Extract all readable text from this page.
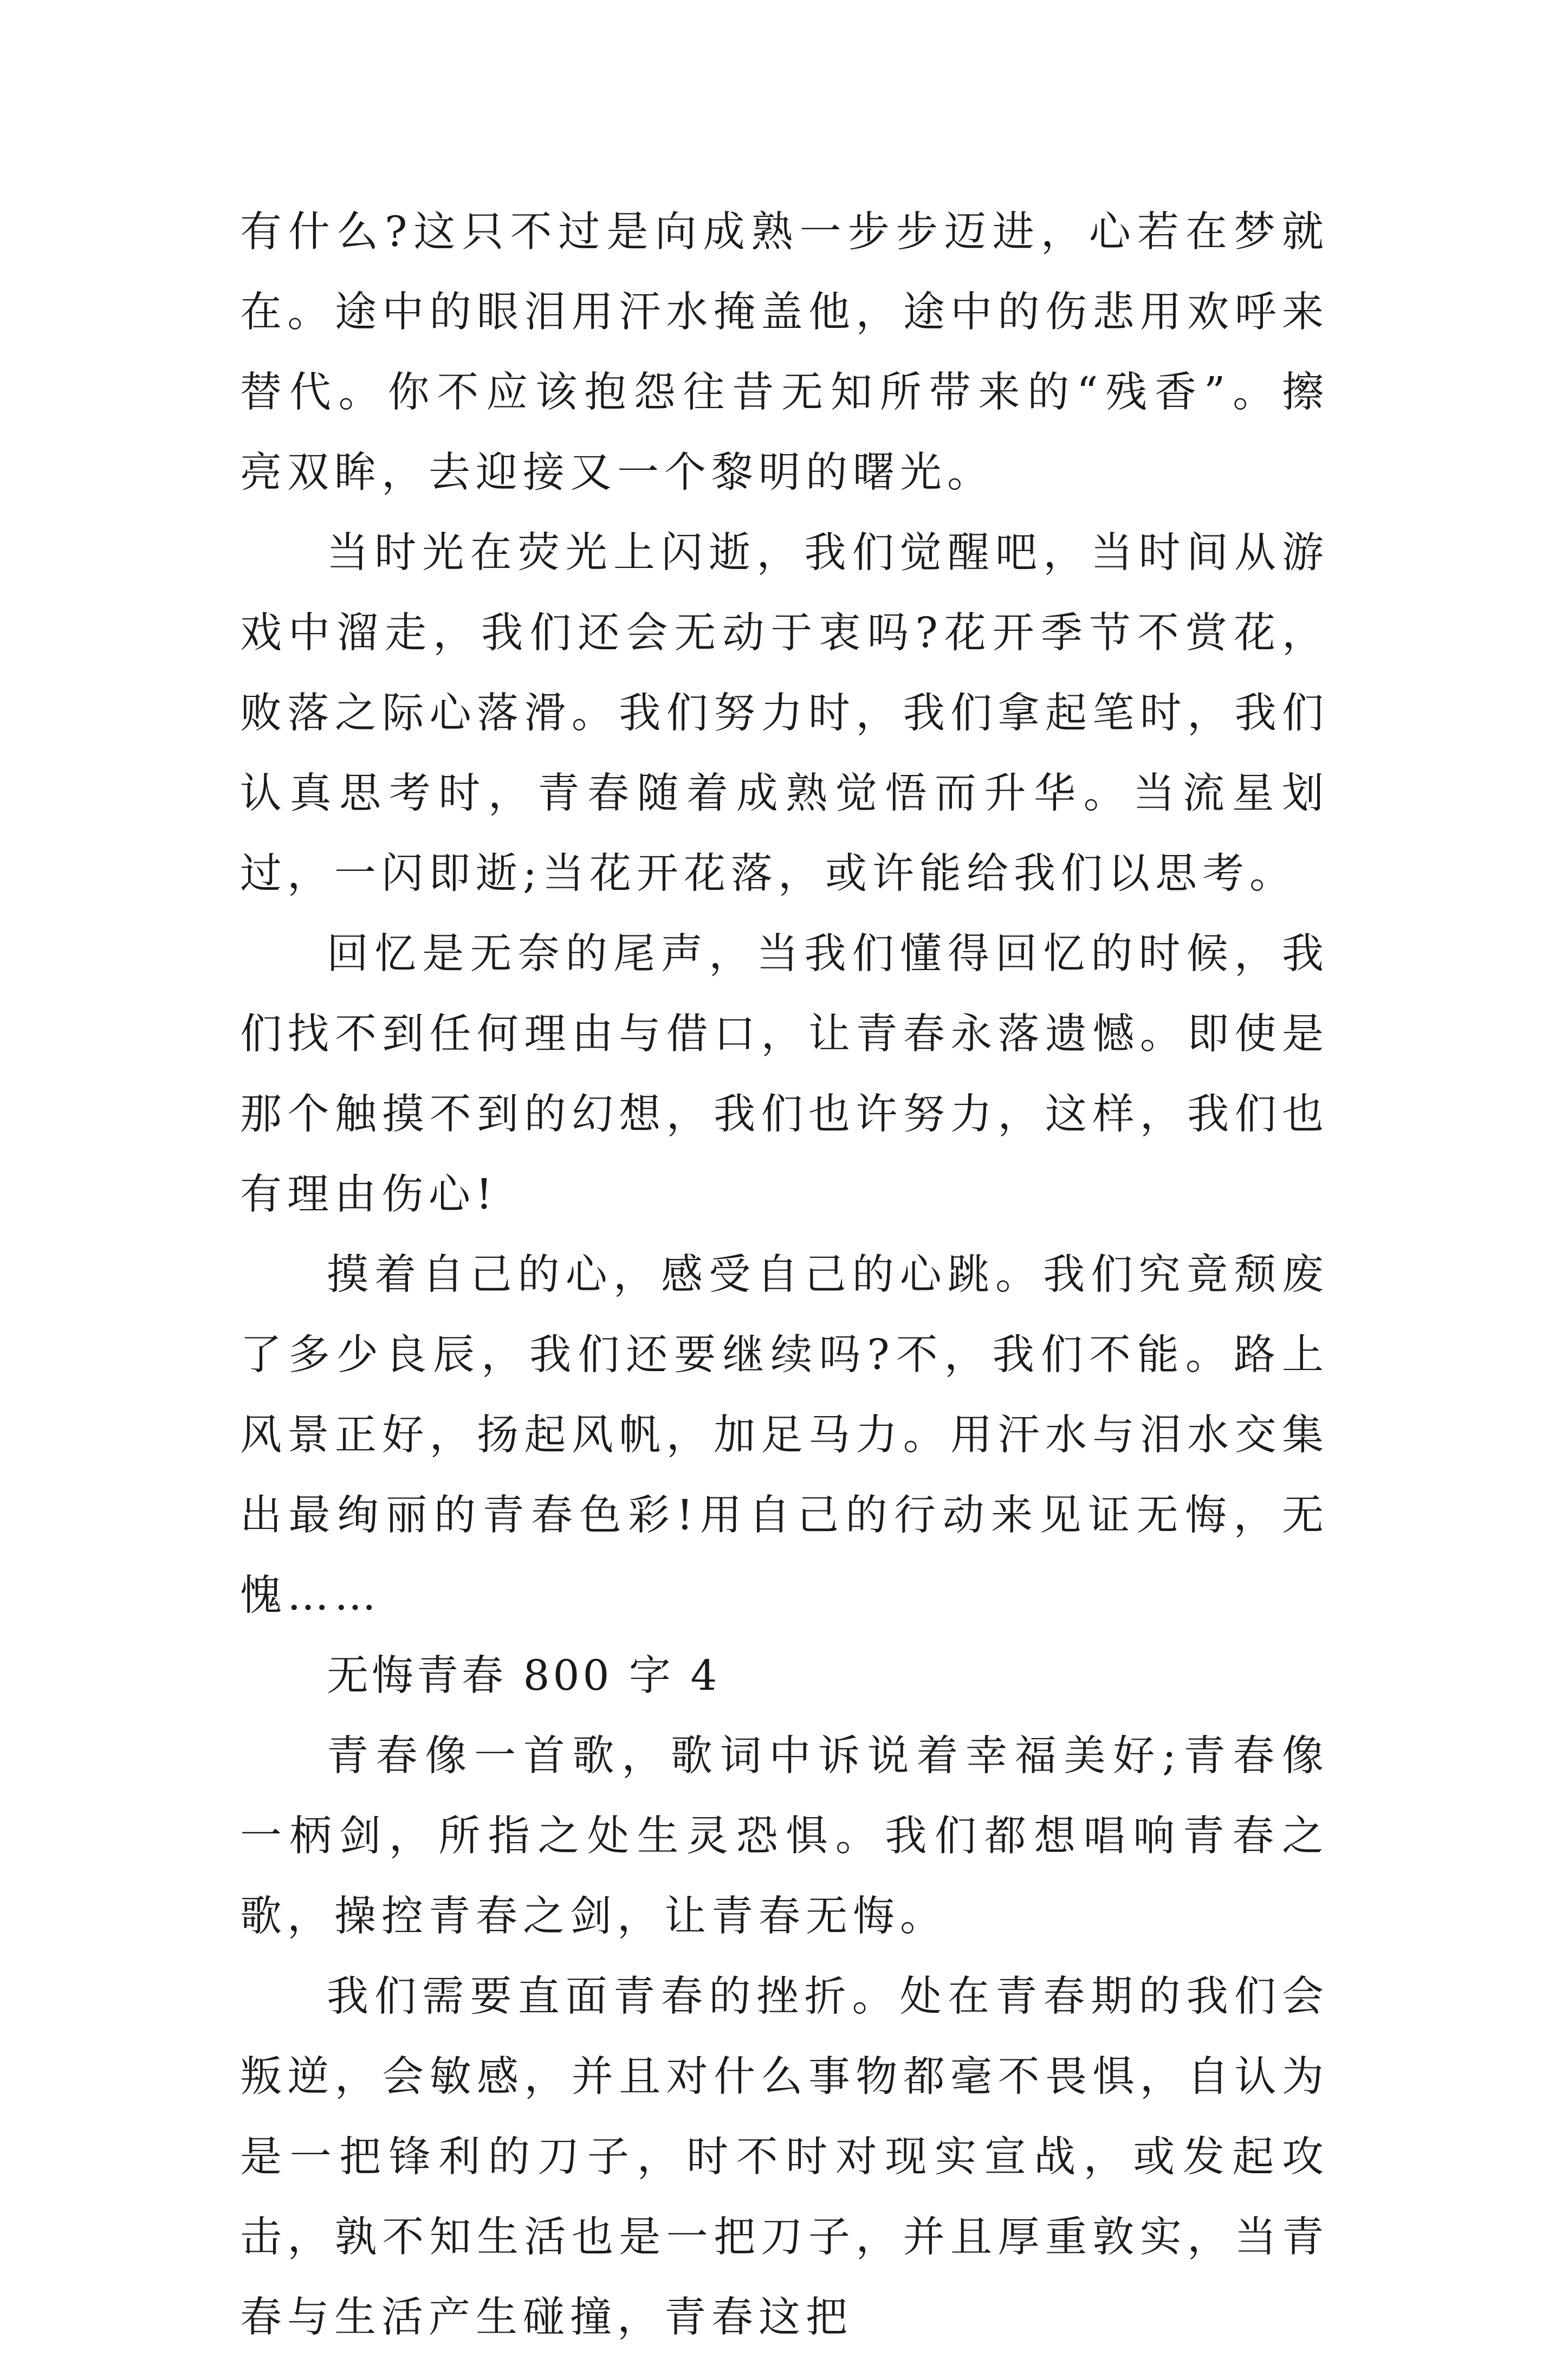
有什么?这只不过是向成熟一步步迈进，心若在梦就在。途中的眼泪用汗水掩盖他，途中的伤悲用欢呼来替代。你不应该抱怨往昔无知所带来的“残香”。擦亮双眸，去迎接又一个黎明的曙光。

当时光在荧光上闪逝，我们觉醒吧，当时间从游戏中溜走，我们还会无动于衷吗?花开季节不赏花，败落之际心落滑。我们努力时，我们拿起笔时，我们认真思考时，青春随着成熟觉悟而升华。当流星划过，一闪即逝;当花开花落，或许能给我们以思考。

回忆是无奈的尾声，当我们懂得回忆的时候，我们找不到任何理由与借口，让青春永落遗憾。即使是那个触摸不到的幻想，我们也许努力，这样，我们也有理由伤心!

摸着自己的心，感受自己的心跳。我们究竟颓废了多少良辰，我们还要继续吗?不，我们不能。路上风景正好，扬起风帆，加足马力。用汗水与泪水交集出最绚丽的青春色彩!用自己的行动来见证无悔，无愧……

无悔青春 800 字 4

青春像一首歌，歌词中诉说着幸福美好;青春像一柄剑，所指之处生灵恐惧。我们都想唱响青春之歌，操控青春之剑，让青春无悔。

我们需要直面青春的挫折。处在青春期的我们会叛逆，会敏感，并且对什么事物都毫不畏惧，自认为是一把锋利的刀子，时不时对现实宣战，或发起攻击，孰不知生活也是一把刀子，并且厚重敦实，当青春与生活产生碰撞，青春这把
